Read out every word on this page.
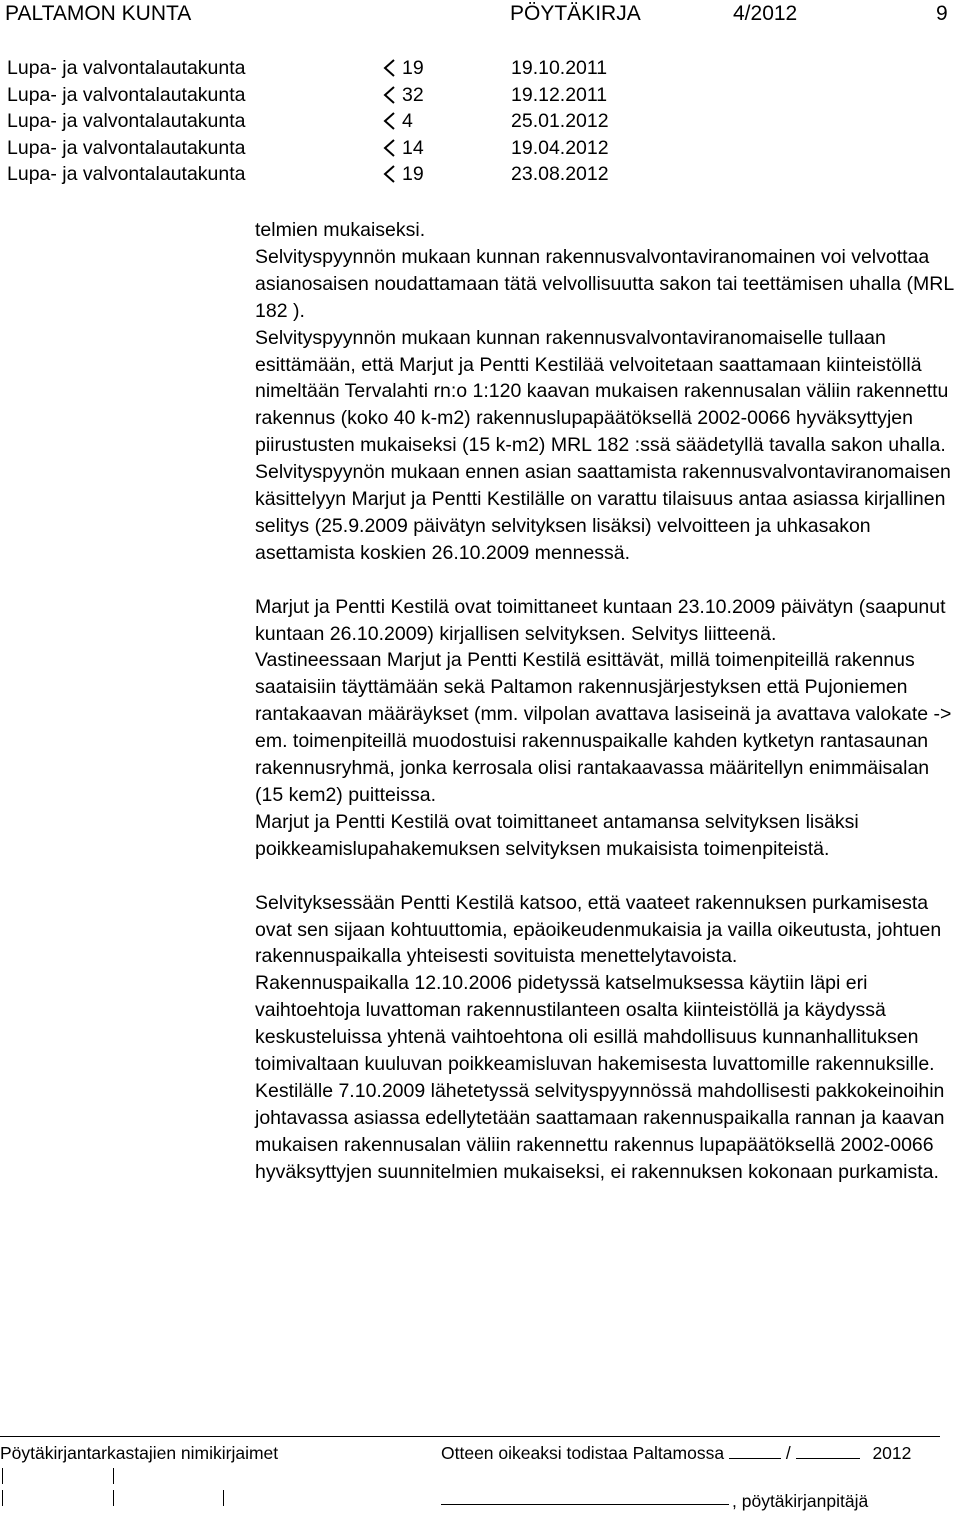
PALTAMON KUNTA	PÖYTÄKIRJA	4/2012	9
Lupa- ja valvontalautakunta	19	19.10.2011
Lupa- ja valvontalautakunta	32	19.12.2011
Lupa- ja valvontalautakunta	4	25.01.2012
Lupa- ja valvontalautakunta	14	19.04.2012
Lupa- ja valvontalautakunta	19	23.08.2012

telmien mukaiseksi.

Selvityspyynnön mukaan kunnan rakennusvalvontaviranomainen voi velvottaa asianosaisen noudattamaan tätä velvollisuutta sakon tai teettämisen uhalla (MRL 182 ).

Selvityspyynnön mukaan kunnan rakennusvalvontaviranomaiselle tullaan esittämään, että Marjut ja Pentti Kestilää velvoitetaan saattamaan kiinteistöllä nimeltään Tervalahti rn:o 1:120 kaavan mukaisen rakennusalan väliin rakennettu rakennus (koko 40 k-m2) rakennuslupapäätöksellä 2002-0066 hyväksyttyjen piirustusten mukaiseksi (15 k-m2) MRL 182 :ssä säädetyllä tavalla sakon uhalla.

Selvityspyynön mukaan ennen asian saattamista rakennusvalvontaviranomaisen käsittelyyn Marjut ja Pentti Kestilälle on varattu tilaisuus antaa asiassa kirjallinen selitys (25.9.2009 päivätyn selvityksen lisäksi) velvoitteen ja uhkasakon asettamista koskien 26.10.2009 mennessä.

Marjut ja Pentti Kestilä ovat toimittaneet kuntaan 23.10.2009 päivätyn (saapunut kuntaan 26.10.2009) kirjallisen selvityksen. Selvitys liitteenä.

Vastineessaan Marjut ja Pentti Kestilä esittävät, millä toimenpiteillä rakennus saataisiin täyttämään sekä Paltamon rakennusjärjestyksen että Pujoniemen rantakaavan määräykset (mm. vilpolan avattava lasiseinä ja avattava valokate -> em. toimenpiteillä muodostuisi rakennuspaikalle kahden kytketyn rantasaunan rakennusryhmä, jonka kerrosala olisi rantakaavassa määritellyn enimmäisalan (15 kem2) puitteissa.

Marjut ja Pentti Kestilä ovat toimittaneet antamansa selvityksen lisäksi poikkeamislupahakemuksen selvityksen mukaisista toimenpiteistä.

Selvityksessään Pentti Kestilä katsoo, että vaateet rakennuksen purkamisesta ovat sen sijaan kohtuuttomia, epäoikeudenmukaisia ja vailla oikeutusta, johtuen rakennuspaikalla yhteisesti sovituista menettelytavoista.

Rakennuspaikalla 12.10.2006 pidetyssä katselmuksessa käytiin läpi eri vaihtoehtoja luvattoman rakennustilanteen osalta kiinteistöllä ja käydyssä keskusteluissa yhtenä vaihtoehtona oli esillä mahdollisuus kunnanhallituksen toimivaltaan kuuluvan poikkeamisluvan hakemisesta luvattomille rakennuksille.

Kestilälle 7.10.2009 lähetetyssä selvityspyynnössä mahdollisesti pakkokeinoihin johtavassa asiassa edellytetään saattamaan rakennuspaikalla rannan ja kaavan mukaisen rakennusalan väliin rakennettu rakennus lupapäätöksellä 2002-0066 hyväksyttyjen suunnitelmien mukaiseksi, ei rakennuksen kokonaan purkamista.

Pöytäkirjantarkastajien nimikirjaimet	Otteen oikeaksi todistaa Paltamossa	/	2012
, pöytäkirjanpitäjä
